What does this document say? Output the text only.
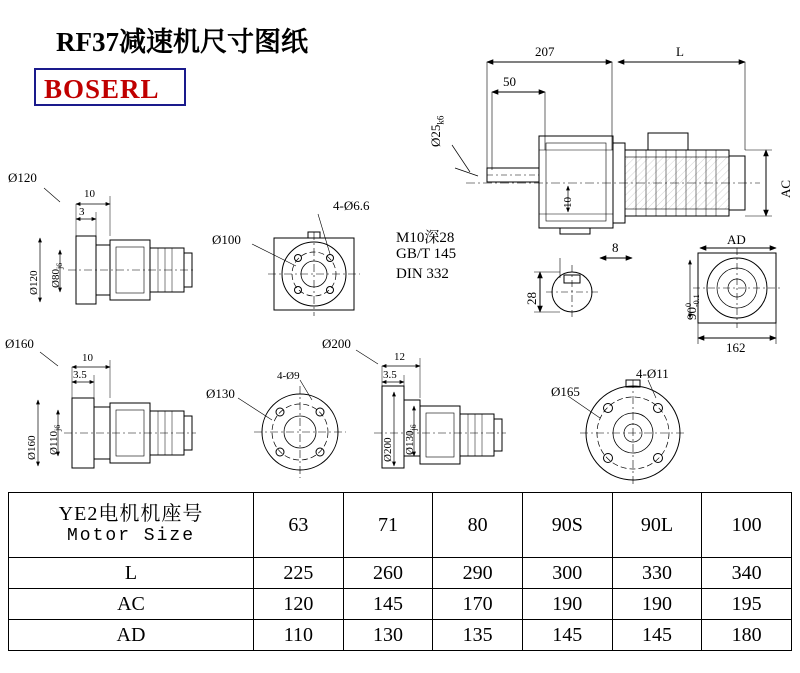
RF37减速机尺寸图纸
BOSERL
207	L
50
$Ø25_{k6}$
AC
10
M10深28
GB/T 145
DIN 332
8
28
AD
90
0 -0.1
162
Ø120
10
3
Ø120 $Ø80_{j6}$
4-Ø6.6
Ø100
Ø160
10
3.5
Ø160 $Ø110_{j6}$
4-Ø9
Ø130
Ø200
12
3.5
Ø200 $Ø130_{j6}$
4-Ø11
Ø165
YE2电机机座号
Motor Size	63	71	80	90S	90L	100
L	225	260	290	300	330	340
AC	120	145	170	190	190	195
AD	110	130	135	145	145	180
